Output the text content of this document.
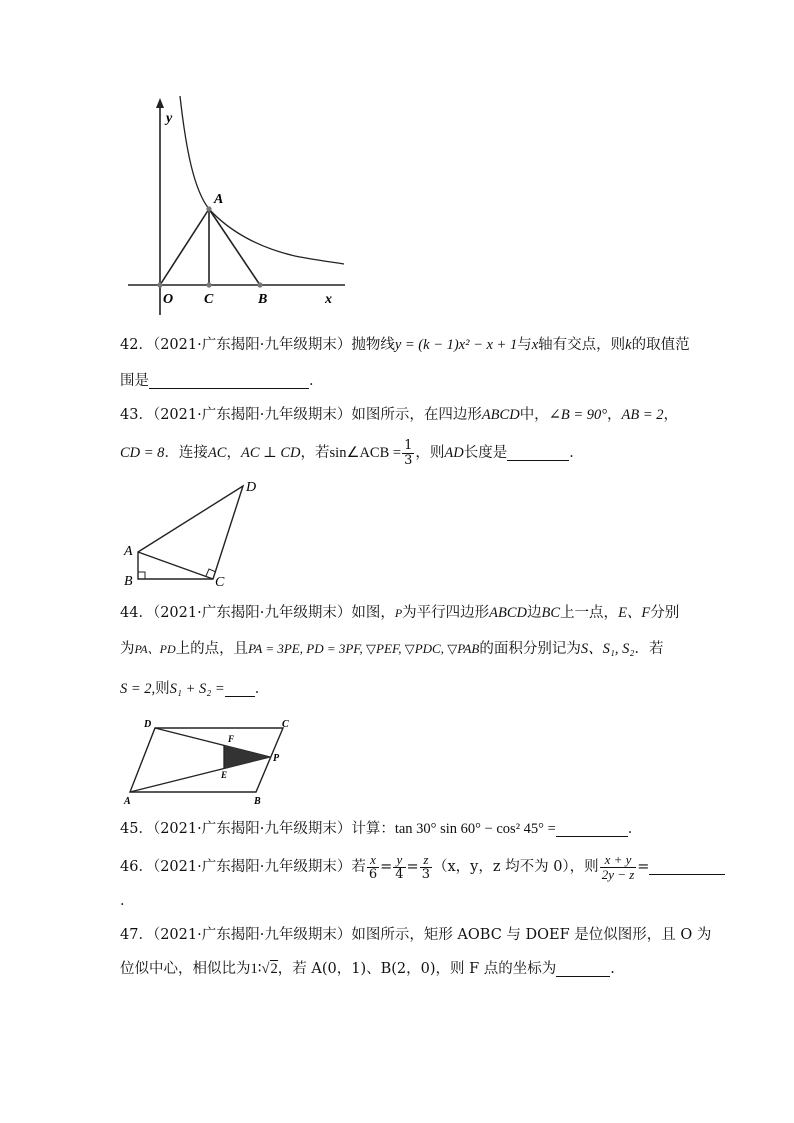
y
A
O C	B	x
42．（2021·广东揭阳·九年级期末）抛物线y = (k − 1)x² − x + 1与x轴有交点，则k的取值范
围是	．
43．（2021·广东揭阳·九年级期末）如图所示，在四边形ABCD中，∠B = 90°，AB = 2，
CD = 8．连接AC，AC ⊥ CD，若sin∠ACB = $\frac{1}{3}$ ，则AD长度是	．
A
B	C
D
44．（2021·广东揭阳·九年级期末）如图，P为平行四边形ABCD边BC上一点，E、F分别
为PA、PD上的点，且PA = 3PE, PD = 3PF, ▽PEF, ▽PDC, ▽PAB的面积分别记为S、S₁, S₂．若
S = 2,则S₁ + S₂ = ．
D	C
F
P
E
A	B
45．（2021·广东揭阳·九年级期末）计算：tan 30° sin 60° − cos² 45° =	．
46．（2021·广东揭阳·九年级期末）若 $\frac{x}{6} = \frac{y}{4} = \frac{z}{3} (x$，y，z 均不为 0），则 $\frac{x + y}{2y - z}$ =
．
47．（2021·广东揭阳·九年级期末）如图所示，矩形 AOBC 与 DOEF 是位似图形，且 O 为
位似中心，相似比为1∶√2，若 A(0，1)、B(2，0)，则 F 点的坐标为	.
